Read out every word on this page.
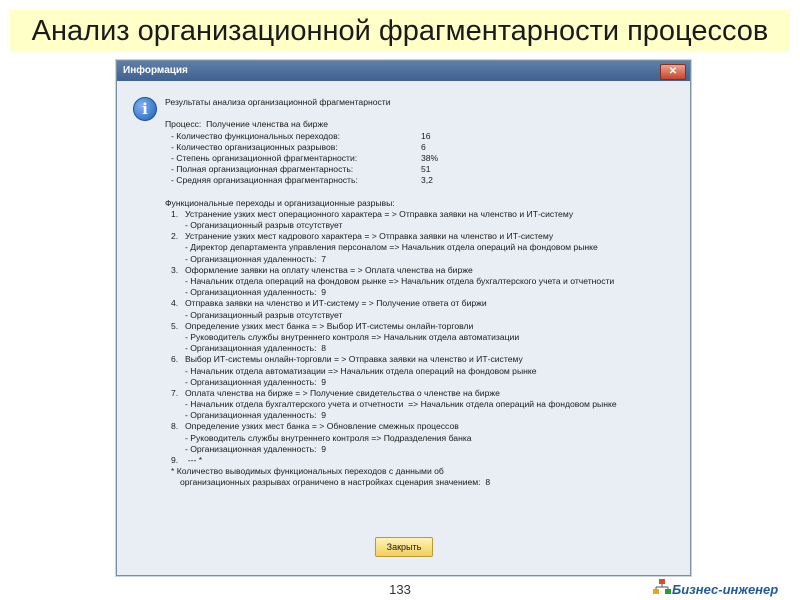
Анализ организационной фрагментарности процессов
Информация	✕
i	Результаты анализа организационной фрагментарности
Процесс:  Получение членства на бирже
- Количество функциональных переходов:	16
- Количество организационных разрывов:	6
- Степень организационной фрагментарности:	38%
- Полная организационная фрагментарность:	51
- Средняя организационная фрагментарность:	3,2
Функциональные переходы и организационные разрывы:
1. Устранение узких мест операционного характера = > Отправка заявки на членство и ИТ-систему
- Организационный разрыв отсутствует
2. Устранение узких мест кадрового характера = > Отправка заявки на членство и ИТ-систему
- Директор департамента управления персоналом => Начальник отдела операций на фондовом рынке
- Организационная удаленность:  7
3. Оформление заявки на оплату членства = > Оплата членства на бирже
- Начальник отдела операций на фондовом рынке => Начальник отдела бухгалтерского учета и отчетности
- Организационная удаленность:  9
4. Отправка заявки на членство и ИТ-систему = > Получение ответа от биржи
- Организационный разрыв отсутствует
5. Определение узких мест банка = > Выбор ИТ-системы онлайн-торговли
- Руководитель службы внутреннего контроля => Начальник отдела автоматизации
- Организационная удаленность:  8
6. Выбор ИТ-системы онлайн-торговли = > Отправка заявки на членство и ИТ-систему
- Начальник отдела автоматизации => Начальник отдела операций на фондовом рынке
- Организационная удаленность:  9
7. Оплата членства на бирже = > Получение свидетельства о членстве на бирже
- Начальник отдела бухгалтерского учета и отчетности  => Начальник отдела операций на фондовом рынке
- Организационная удаленность:  9
8. Определение узких мест банка = > Обновление смежных процессов
- Руководитель службы внутреннего контроля => Подразделения банка
- Организационная удаленность:  9
9.    --- *
* Количество выводимых функциональных переходов с данными об
организационных разрывах ограничено в настройках сценария значением:  8
Закрыть
133	Бизнес-инженер
